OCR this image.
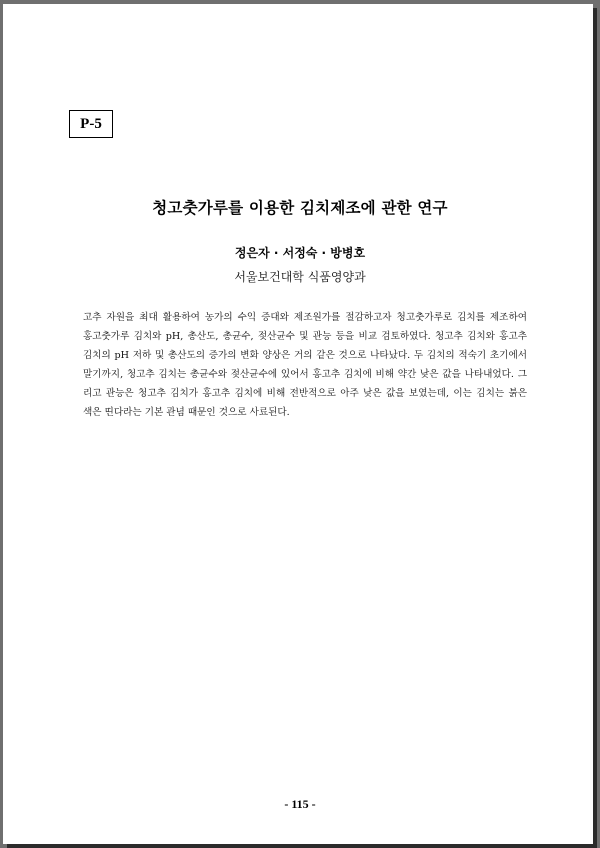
P-5
청고춧가루를 이용한 김치제조에 관한 연구
정은자 · 서정숙 · 방병호
서울보건대학 식품영양과
고추 자원을 최대 활용하여 농가의 수익 증대와 제조원가를 절감하고자 청고춧가루로 김치를 제조하여
홍고춧가루 김치와 pH, 총산도, 총균수, 젖산균수 및 관능 등을 비교 검토하였다. 청고추 김치와 홍고추
김치의 pH 저하 및 총산도의 증가의 변화 양상은 거의 같은 것으로 나타났다. 두 김치의 적숙기 초기에서
말기까지, 청고추 김치는 총균수와 젖산균수에 있어서 홍고추 김치에 비해 약간 낮은 값을 나타내었다. 그
리고 관능은 청고추 김치가 홍고추 김치에 비해 전반적으로 아주 낮은 값을 보였는데, 이는 김치는 붉은
색은 띤다라는 기본 관념 때문인 것으로 사료된다.
- 115 -
